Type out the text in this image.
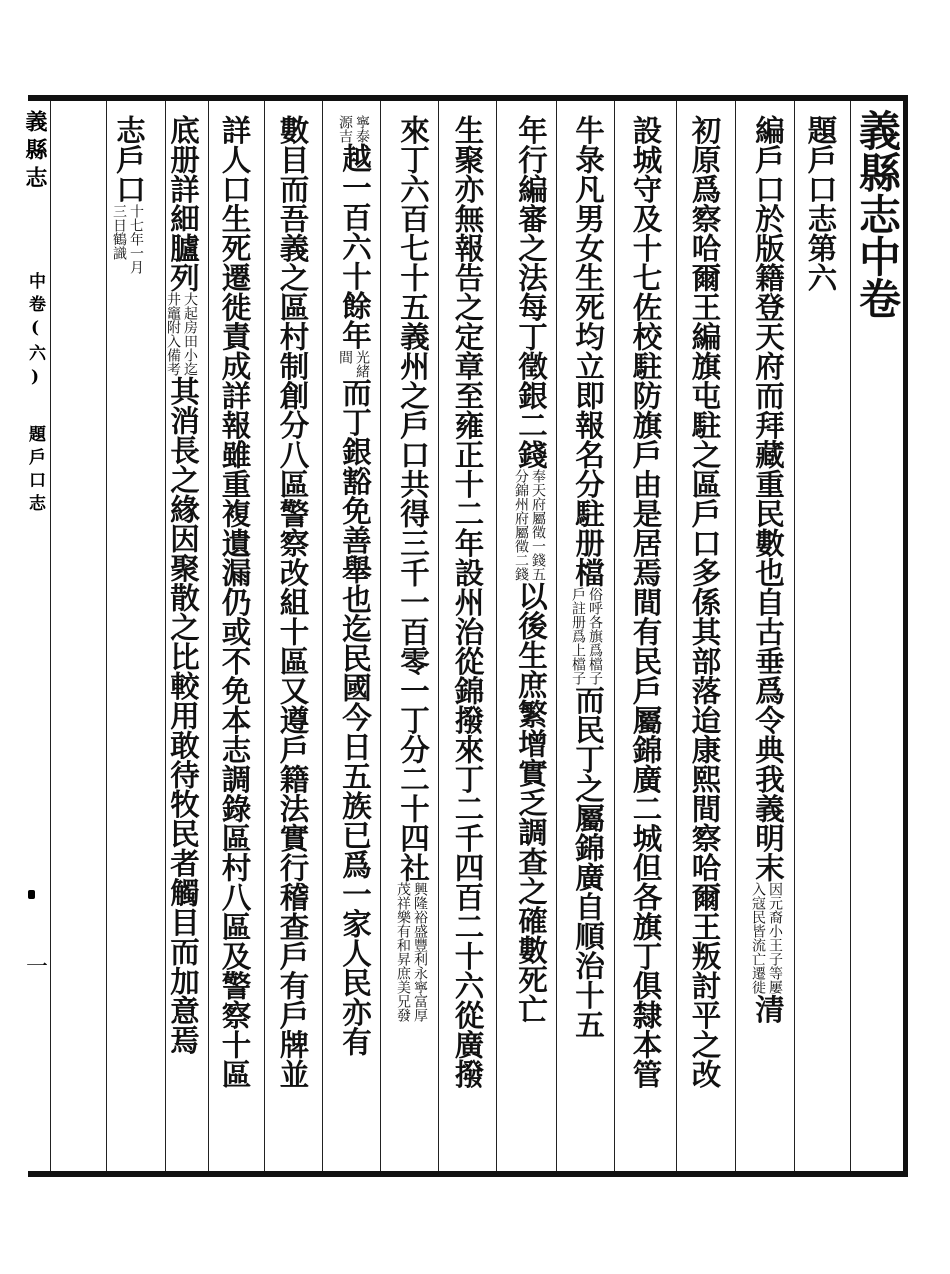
義縣志中卷
題戶口志第六
編戶口於版籍登天府而拜藏重民數也自古垂爲令典我義明末
因元裔小王子等屢
入寇民皆流亡遷徙
清
初原爲察哈爾王編旗屯駐之區戶口多係其部落迨康熙間察哈爾王叛討平之改
設城守及十七佐校駐防旗戶由是居焉間有民戶屬錦廣二城但各旗丁俱隸本管
牛彔凡男女生死均立即報名分駐册檔
俗呼各旗爲檔子
戶註册爲上檔子
而民丁之屬錦廣自順治十五
年行編審之法每丁徵銀二錢
奉天府屬徵一錢五
分錦州府屬徵二錢
以後生庶繁增實乏調查之確數死亡
生聚亦無報告之定章至雍正十二年設州治從錦撥來丁二千四百二十六從廣撥
來丁六百七十五義州之戶口共得三千一百零一丁分二十四社
興隆裕盛豐利永寧富厚
茂祥樂有和昇庶美兄發
寧泰
源吉
越一百六十餘年
光緒
間
而丁銀豁免善舉也迄民國今日五族已爲一家人民亦有
數目而吾義之區村制創分八區警察改組十區又遵戶籍法實行稽查戶有戶牌並
詳人口生死遷徙責成詳報雖重複遺漏仍或不免本志調錄區村八區及警察十區
底册詳細臚列
大起房田小迄
井竈附入備考
其消長之緣因聚散之比較用敢待牧民者觸目而加意焉
志戶口
十七年一月
三日鶴識
義縣志  中卷(六) 題戶口志
一
